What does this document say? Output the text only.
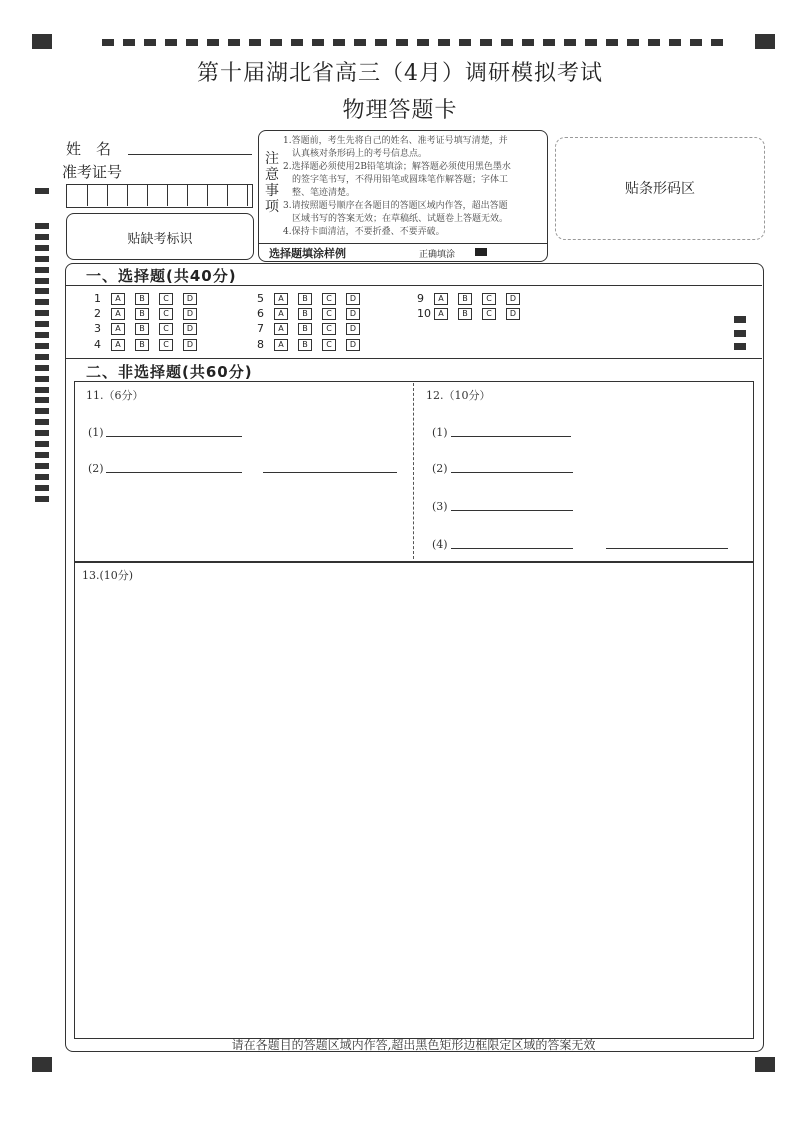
第十届湖北省高三（4月）调研模拟考试
物理答题卡
姓　名
准考证号
贴缺考标识
注意事项
1.答题前，考生先将自己的姓名、准考证号填写清楚，并
　认真核对条形码上的考号信息点。
2.选择题必须使用2B铅笔填涂；解答题必须使用黑色墨水
　的签字笔书写，不得用铅笔或圆珠笔作解答题；字体工
　整、笔迹清楚。
3.请按照题号顺序在各题目的答题区域内作答，超出答题
　区域书写的答案无效；在草稿纸、试题卷上答题无效。
4.保持卡面清洁，不要折叠、不要弄破。
选择题填涂样例	正确填涂
贴条形码区
一、选择题(共40分)
1	A	B	C	D
2	A	B	C	D
3	A	B	C	D
4	A	B	C	D
5	A	B	C	D
6	A	B	C	D
7	A	B	C	D
8	A	B	C	D
9	A	B	C	D
10 A	B	C	D
二、非选择题(共60分)
11.（6分）
(1)
(2)
12.（10分）
(1)
(2)
(3)
(4)
13.(10分)
请在各题目的答题区域内作答,超出黑色矩形边框限定区域的答案无效
